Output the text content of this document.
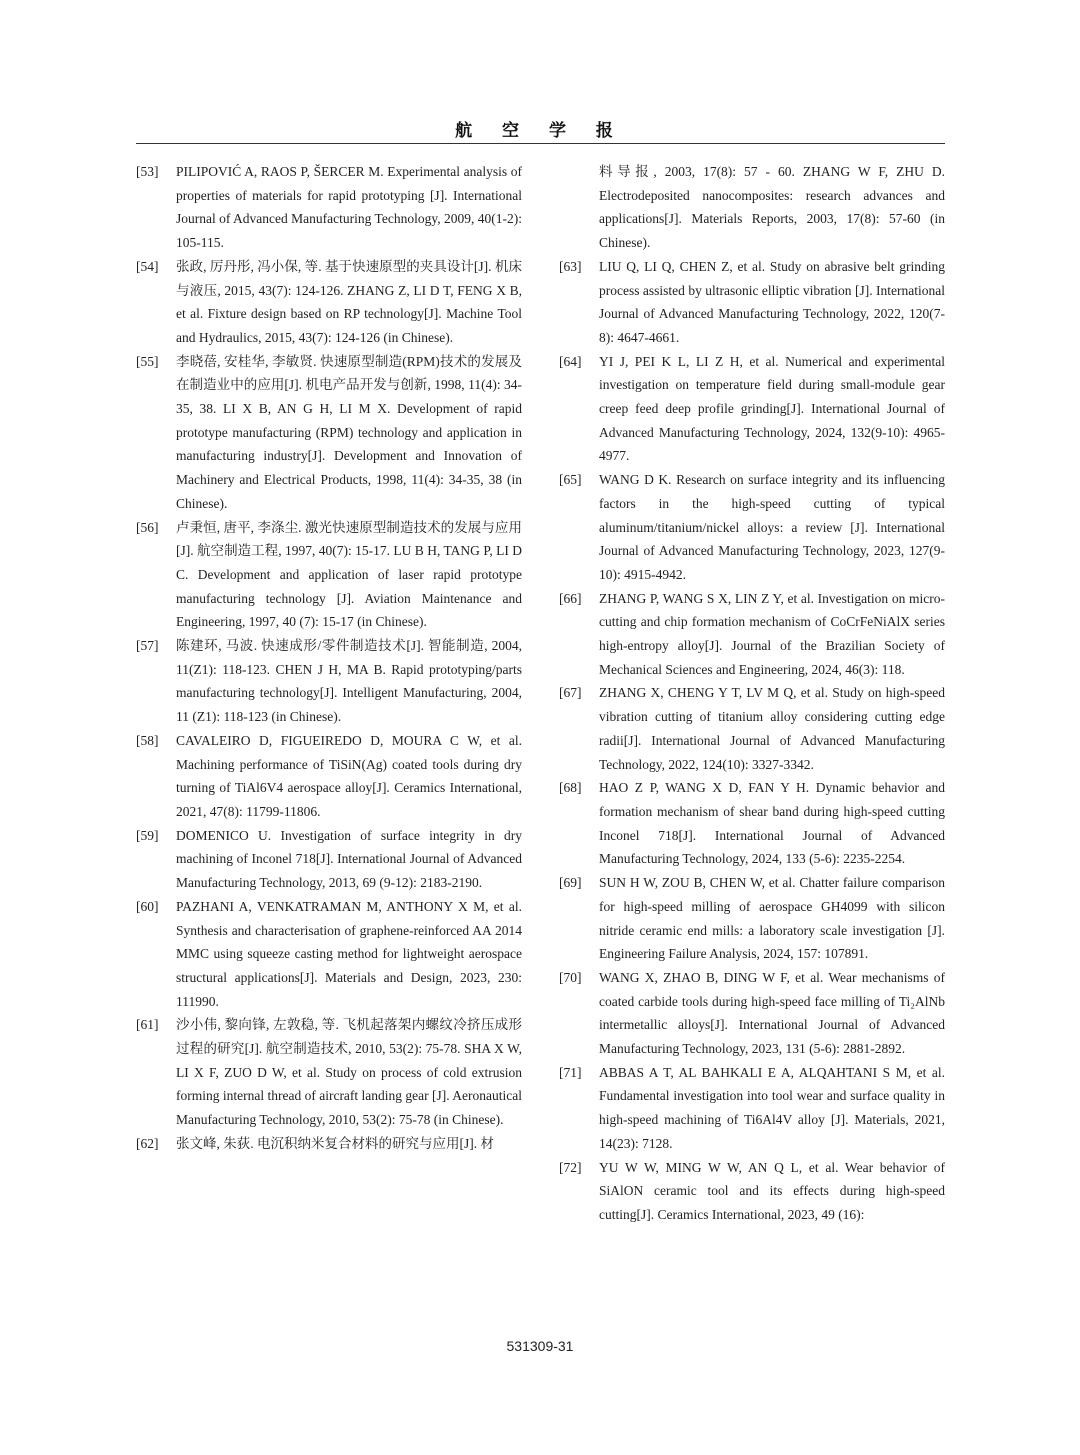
航 空 学 报
[53]	PILIPOVIĆ A, RAOS P, ŠERCER M. Experimental analysis of properties of materials for rapid prototyping [J]. International Journal of Advanced Manufacturing Technology, 2009, 40(1-2): 105-115.
[54]	张政, 厉丹彤, 冯小保, 等. 基于快速原型的夹具设计[J]. 机床与液压, 2015, 43(7): 124-126. ZHANG Z, LI D T, FENG X B, et al. Fixture design based on RP technology[J]. Machine Tool and Hydraulics, 2015, 43(7): 124-126 (in Chinese).
[55]	李晓蓓, 安桂华, 李敏贤. 快速原型制造(RPM)技术的发展及在制造业中的应用[J]. 机电产品开发与创新, 1998, 11(4): 34-35, 38. LI X B, AN G H, LI M X. Development of rapid prototype manufacturing (RPM) technology and application in manufacturing industry[J]. Development and Innovation of Machinery and Electrical Products, 1998, 11(4): 34-35, 38 (in Chinese).
[56]	卢秉恒, 唐平, 李涤尘. 激光快速原型制造技术的发展与应用[J]. 航空制造工程, 1997, 40(7): 15-17. LU B H, TANG P, LI D C. Development and application of laser rapid prototype manufacturing technology [J]. Aviation Maintenance and Engineering, 1997, 40 (7): 15-17 (in Chinese).
[57]	陈建环, 马波. 快速成形/零件制造技术[J]. 智能制造, 2004, 11(Z1): 118-123. CHEN J H, MA B. Rapid prototyping/parts manufacturing technology[J]. Intelligent Manufacturing, 2004, 11 (Z1): 118-123 (in Chinese).
[58]	CAVALEIRO D, FIGUEIREDO D, MOURA C W, et al. Machining performance of TiSiN(Ag) coated tools during dry turning of TiAl6V4 aerospace alloy[J]. Ceramics International, 2021, 47(8): 11799-11806.
[59]	DOMENICO U. Investigation of surface integrity in dry machining of Inconel 718[J]. International Journal of Advanced Manufacturing Technology, 2013, 69 (9-12): 2183-2190.
[60]	PAZHANI A, VENKATRAMAN M, ANTHONY X M, et al. Synthesis and characterisation of graphene-reinforced AA 2014 MMC using squeeze casting method for lightweight aerospace structural applications[J]. Materials and Design, 2023, 230: 111990.
[61]	沙小伟, 黎向锋, 左敦稳, 等. 飞机起落架内螺纹冷挤压成形过程的研究[J]. 航空制造技术, 2010, 53(2): 75-78. SHA X W, LI X F, ZUO D W, et al. Study on process of cold extrusion forming internal thread of aircraft landing gear [J]. Aeronautical Manufacturing Technology, 2010, 53(2): 75-78 (in Chinese).
[62]	张文峰, 朱荻. 电沉积纳米复合材料的研究与应用[J]. 材
料导报, 2003, 17(8): 57 - 60. ZHANG W F, ZHU D. Electrodeposited nanocomposites: research advances and applications[J]. Materials Reports, 2003, 17(8): 57-60 (in Chinese).
[63]	LIU Q, LI Q, CHEN Z, et al. Study on abrasive belt grinding process assisted by ultrasonic elliptic vibration [J]. International Journal of Advanced Manufacturing Technology, 2022, 120(7-8): 4647-4661.
[64]	YI J, PEI K L, LI Z H, et al. Numerical and experimental investigation on temperature field during small-module gear creep feed deep profile grinding[J]. International Journal of Advanced Manufacturing Technology, 2024, 132(9-10): 4965-4977.
[65]	WANG D K. Research on surface integrity and its influencing factors in the high-speed cutting of typical aluminum/titanium/nickel alloys: a review [J]. International Journal of Advanced Manufacturing Technology, 2023, 127(9-10): 4915-4942.
[66]	ZHANG P, WANG S X, LIN Z Y, et al. Investigation on micro-cutting and chip formation mechanism of CoCrFeNiAlX series high-entropy alloy[J]. Journal of the Brazilian Society of Mechanical Sciences and Engineering, 2024, 46(3): 118.
[67]	ZHANG X, CHENG Y T, LV M Q, et al. Study on high-speed vibration cutting of titanium alloy considering cutting edge radii[J]. International Journal of Advanced Manufacturing Technology, 2022, 124(10): 3327-3342.
[68]	HAO Z P, WANG X D, FAN Y H. Dynamic behavior and formation mechanism of shear band during high-speed cutting Inconel 718[J]. International Journal of Advanced Manufacturing Technology, 2024, 133 (5-6): 2235-2254.
[69]	SUN H W, ZOU B, CHEN W, et al. Chatter failure comparison for high-speed milling of aerospace GH4099 with silicon nitride ceramic end mills: a laboratory scale investigation [J]. Engineering Failure Analysis, 2024, 157: 107891.
[70]	WANG X, ZHAO B, DING W F, et al. Wear mechanisms of coated carbide tools during high-speed face milling of Ti₂AlNb intermetallic alloys[J]. International Journal of Advanced Manufacturing Technology, 2023, 131 (5-6): 2881-2892.
[71]	ABBAS A T, AL BAHKALI E A, ALQAHTANI S M, et al. Fundamental investigation into tool wear and surface quality in high-speed machining of Ti6Al4V alloy [J]. Materials, 2021, 14(23): 7128.
[72]	YU W W, MING W W, AN Q L, et al. Wear behavior of SiAlON ceramic tool and its effects during high-speed cutting[J]. Ceramics International, 2023, 49 (16):
531309-31
